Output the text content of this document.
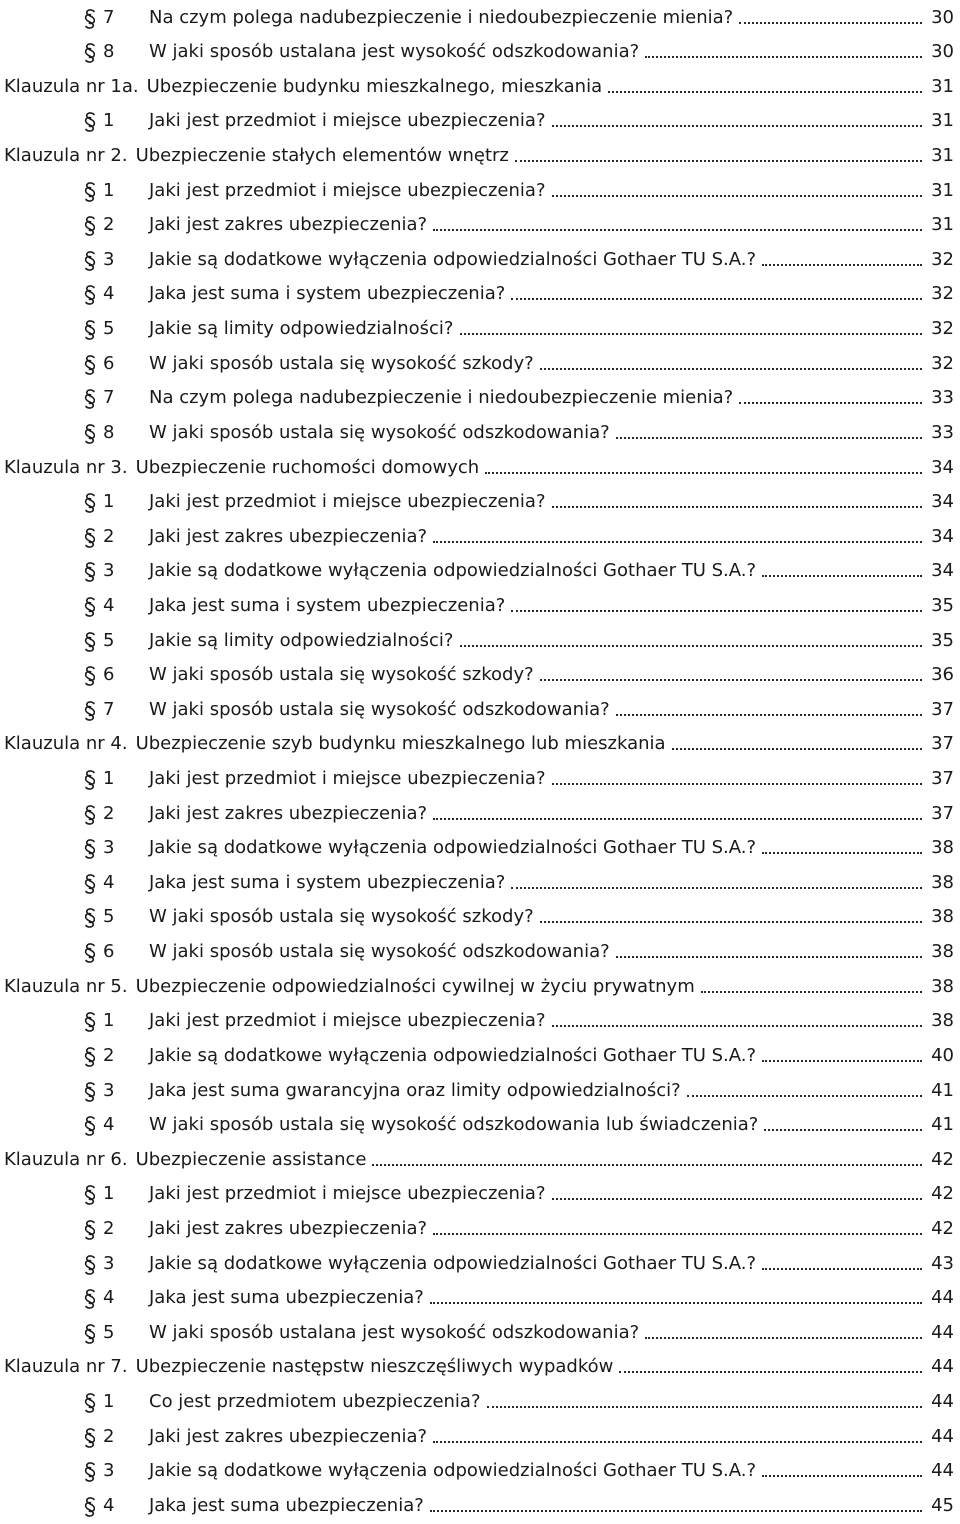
7	Na czym polega nadubezpieczenie i niedoubezpieczenie mienia?	30
8	W jaki sposób ustalana jest wysokość odszkodowania?	30
Klauzula nr 1a. Ubezpieczenie budynku mieszkalnego, mieszkania	31
1	Jaki jest przedmiot i miejsce ubezpieczenia?	31
Klauzula nr 2. Ubezpieczenie stałych elementów wnętrz	31
1	Jaki jest przedmiot i miejsce ubezpieczenia?	31
2	Jaki jest zakres ubezpieczenia?	31
3	Jakie są dodatkowe wyłączenia odpowiedzialności Gothaer TU S.A.?	32
4	Jaka jest suma i system ubezpieczenia?	32
5	Jakie są limity odpowiedzialności?	32
6	W jaki sposób ustala się wysokość szkody?	32
7	Na czym polega nadubezpieczenie i niedoubezpieczenie mienia?	33
8	W jaki sposób ustala się wysokość odszkodowania?	33
Klauzula nr 3. Ubezpieczenie ruchomości domowych	34
1	Jaki jest przedmiot i miejsce ubezpieczenia?	34
2	Jaki jest zakres ubezpieczenia?	34
3	Jakie są dodatkowe wyłączenia odpowiedzialności Gothaer TU S.A.?	34
4	Jaka jest suma i system ubezpieczenia?	35
5	Jakie są limity odpowiedzialności?	35
6	W jaki sposób ustala się wysokość szkody?	36
7	W jaki sposób ustala się wysokość odszkodowania?	37
Klauzula nr 4. Ubezpieczenie szyb budynku mieszkalnego lub mieszkania	37
1	Jaki jest przedmiot i miejsce ubezpieczenia?	37
2	Jaki jest zakres ubezpieczenia?	37
3	Jakie są dodatkowe wyłączenia odpowiedzialności Gothaer TU S.A.?	38
4	Jaka jest suma i system ubezpieczenia?	38
5	W jaki sposób ustala się wysokość szkody?	38
6	W jaki sposób ustala się wysokość odszkodowania?	38
Klauzula nr 5. Ubezpieczenie odpowiedzialności cywilnej w życiu prywatnym	38
1	Jaki jest przedmiot i miejsce ubezpieczenia?	38
2	Jakie są dodatkowe wyłączenia odpowiedzialności Gothaer TU S.A.?	40
3	Jaka jest suma gwarancyjna oraz limity odpowiedzialności?	41
4	W jaki sposób ustala się wysokość odszkodowania lub świadczenia?	41
Klauzula nr 6. Ubezpieczenie assistance	42
1	Jaki jest przedmiot i miejsce ubezpieczenia?	42
2	Jaki jest zakres ubezpieczenia?	42
3	Jakie są dodatkowe wyłączenia odpowiedzialności Gothaer TU S.A.?	43
4	Jaka jest suma ubezpieczenia?	44
5	W jaki sposób ustalana jest wysokość odszkodowania?	44
Klauzula nr 7. Ubezpieczenie następstw nieszczęśliwych wypadków	44
1	Co jest przedmiotem ubezpieczenia?	44
2	Jaki jest zakres ubezpieczenia?	44
3	Jakie są dodatkowe wyłączenia odpowiedzialności Gothaer TU S.A.?	44
4	Jaka jest suma ubezpieczenia?	45
